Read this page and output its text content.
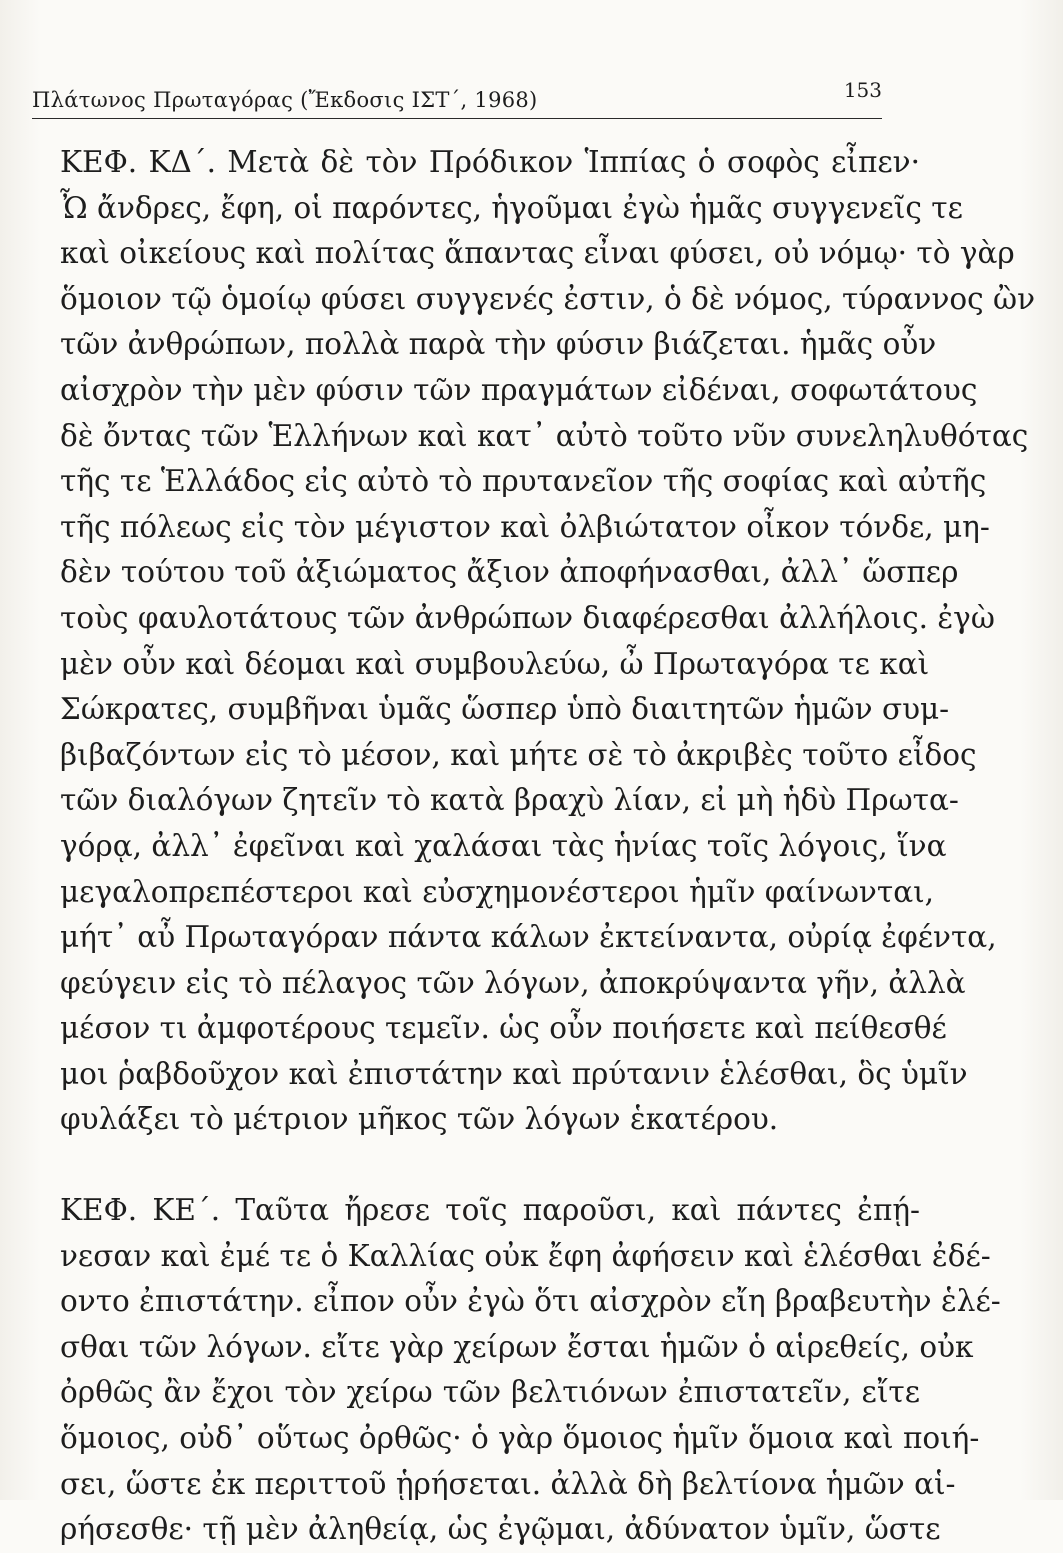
Πλάτωνος Πρωταγόρας (Ἔκδοσις ΙΣΤ΄, 1968)	153
ΚΕΦ. ΚΔ΄. Μετὰ δὲ τὸν Πρόδικον Ἱππίας ὁ σοφὸς εἶπεν·
Ὦ ἄνδρες, ἔφη, οἱ παρόντες, ἡγοῦμαι ἐγὼ ἡμᾶς συγγενεῖς τε
καὶ οἰκείους καὶ πολίτας ἅπαντας εἶναι φύσει, οὐ νόμῳ· τὸ γὰρ
ὅμοιον τῷ ὁμοίῳ φύσει συγγενές ἐστιν, ὁ δὲ νόμος, τύραννος ὢν
τῶν ἀνθρώπων, πολλὰ παρὰ τὴν φύσιν βιάζεται. ἡμᾶς οὖν
αἰσχρὸν τὴν μὲν φύσιν τῶν πραγμάτων εἰδέναι, σοφωτάτους
δὲ ὄντας τῶν Ἑλλήνων καὶ κατ᾽ αὐτὸ τοῦτο νῦν συνεληλυθότας
τῆς τε Ἑλλάδος εἰς αὐτὸ τὸ πρυτανεῖον τῆς σοφίας καὶ αὐτῆς
τῆς πόλεως εἰς τὸν μέγιστον καὶ ὀλβιώτατον οἶκον τόνδε, μη-
δὲν τούτου τοῦ ἀξιώματος ἄξιον ἀποφήνασθαι, ἀλλ᾽ ὥσπερ
τοὺς φαυλοτάτους τῶν ἀνθρώπων διαφέρεσθαι ἀλλήλοις. ἐγὼ
μὲν οὖν καὶ δέομαι καὶ συμβουλεύω, ὦ Πρωταγόρα τε καὶ
Σώκρατες, συμβῆναι ὑμᾶς ὥσπερ ὑπὸ διαιτητῶν ἡμῶν συμ-
βιβαζόντων εἰς τὸ μέσον, καὶ μήτε σὲ τὸ ἀκριβὲς τοῦτο εἶδος
τῶν διαλόγων ζητεῖν τὸ κατὰ βραχὺ λίαν, εἰ μὴ ἡδὺ Πρωτα-
γόρᾳ, ἀλλ᾽ ἐφεῖναι καὶ χαλάσαι τὰς ἡνίας τοῖς λόγοις, ἵνα
μεγαλοπρεπέστεροι καὶ εὐσχημονέστεροι ἡμῖν φαίνωνται,
μήτ᾽ αὖ Πρωταγόραν πάντα κάλων ἐκτείναντα, οὐρίᾳ ἐφέντα,
φεύγειν εἰς τὸ πέλαγος τῶν λόγων, ἀποκρύψαντα γῆν, ἀλλὰ
μέσον τι ἀμφοτέρους τεμεῖν. ὡς οὖν ποιήσετε καὶ πείθεσθέ
μοι ῥαβδοῦχον καὶ ἐπιστάτην καὶ πρύτανιν ἑλέσθαι, ὃς ὑμῖν
φυλάξει τὸ μέτριον μῆκος τῶν λόγων ἑκατέρου.
ΚΕΦ. ΚΕ΄. Ταῦτα ἤρεσε τοῖς παροῦσι, καὶ πάντες ἐπῄ-
νεσαν καὶ ἐμέ τε ὁ Καλλίας οὐκ ἔφη ἀφήσειν καὶ ἑλέσθαι ἐδέ-
οντο ἐπιστάτην. εἶπον οὖν ἐγὼ ὅτι αἰσχρὸν εἴη βραβευτὴν ἑλέ-
σθαι τῶν λόγων. εἴτε γὰρ χείρων ἔσται ἡμῶν ὁ αἱρεθείς, οὐκ
ὀρθῶς ἂν ἔχοι τὸν χείρω τῶν βελτιόνων ἐπιστατεῖν, εἴτε
ὅμοιος, οὐδ᾽ οὕτως ὀρθῶς· ὁ γὰρ ὅμοιος ἡμῖν ὅμοια καὶ ποιή-
σει, ὥστε ἐκ περιττοῦ ᾑρήσεται. ἀλλὰ δὴ βελτίονα ἡμῶν αἱ-
ρήσεσθε· τῇ μὲν ἀληθείᾳ, ὡς ἐγῷμαι, ἀδύνατον ὑμῖν, ὥστε
